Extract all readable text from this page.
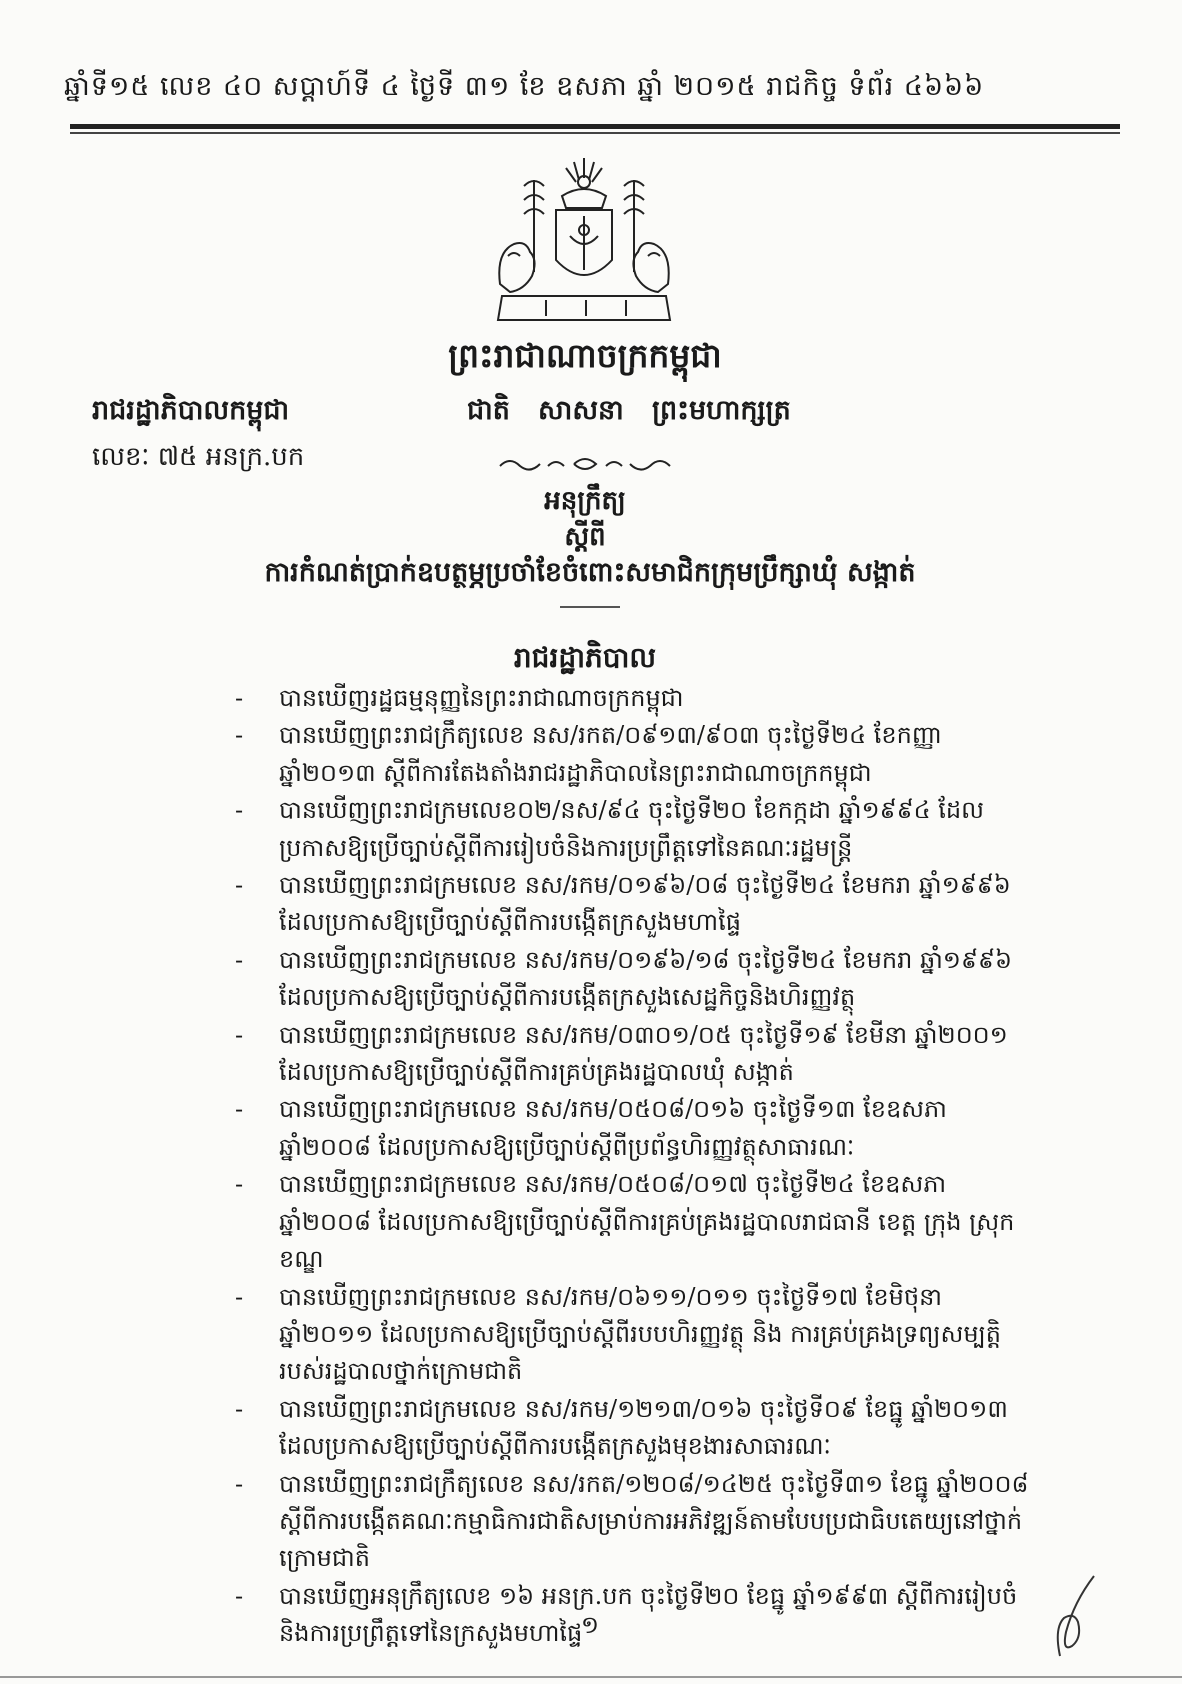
ឆ្នាំទី១៥ លេខ ៤០ សប្ដាហ៍ទី ៤ ថ្ងៃទី ៣១ ខែ ឧសភា ឆ្នាំ ២០១៥ រាជកិច្ច ទំព័រ ៤៦៦៦
ព្រះរាជាណាចក្រកម្ពុជា
រាជរដ្ឋាភិបាលកម្ពុជា	ជាតិ   សាសនា   ព្រះមហាក្សត្រ
លេខៈ ៧៥ អនក្រ.បក
អនុក្រឹត្យ
ស្ដីពី
ការកំណត់ប្រាក់ឧបត្ថម្ភប្រចាំខែចំពោះសមាជិកក្រុមប្រឹក្សាឃុំ សង្កាត់
រាជរដ្ឋាភិបាល
- បានឃើញរដ្ឋធម្មនុញ្ញនៃព្រះរាជាណាចក្រកម្ពុជា
- បានឃើញព្រះរាជក្រឹត្យលេខ នស/រកត/០៩១៣/៩០៣ ចុះថ្ងៃទី២៤ ខែកញ្ញា ឆ្នាំ២០១៣ ស្ដីពីការតែងតាំងរាជរដ្ឋាភិបាលនៃព្រះរាជាណាចក្រកម្ពុជា
- បានឃើញព្រះរាជក្រមលេខ០២/នស/៩៤ ចុះថ្ងៃទី២០ ខែកក្កដា ឆ្នាំ១៩៩៤ ដែលប្រកាសឱ្យប្រើច្បាប់ស្ដីពីការរៀបចំនិងការប្រព្រឹត្តទៅនៃគណៈរដ្ឋមន្ត្រី
- បានឃើញព្រះរាជក្រមលេខ នស/រកម/០១៩៦/០៨ ចុះថ្ងៃទី២៤ ខែមករា ឆ្នាំ១៩៩៦ ដែលប្រកាសឱ្យប្រើច្បាប់ស្ដីពីការបង្កើតក្រសួងមហាផ្ទៃ
- បានឃើញព្រះរាជក្រមលេខ នស/រកម/០១៩៦/១៨ ចុះថ្ងៃទី២៤ ខែមករា ឆ្នាំ១៩៩៦ ដែលប្រកាសឱ្យប្រើច្បាប់ស្ដីពីការបង្កើតក្រសួងសេដ្ឋកិច្ចនិងហិរញ្ញវត្ថុ
- បានឃើញព្រះរាជក្រមលេខ នស/រកម/០៣០១/០៥ ចុះថ្ងៃទី១៩ ខែមីនា ឆ្នាំ២០០១ ដែលប្រកាសឱ្យប្រើច្បាប់ស្ដីពីការគ្រប់គ្រងរដ្ឋបាលឃុំ សង្កាត់
- បានឃើញព្រះរាជក្រមលេខ នស/រកម/០៥០៨/០១៦ ចុះថ្ងៃទី១៣ ខែឧសភា ឆ្នាំ២០០៨ ដែលប្រកាសឱ្យប្រើច្បាប់ស្ដីពីប្រព័ន្ធហិរញ្ញវត្ថុសាធារណៈ
- បានឃើញព្រះរាជក្រមលេខ នស/រកម/០៥០៨/០១៧ ចុះថ្ងៃទី២៤ ខែឧសភា ឆ្នាំ២០០៨ ដែលប្រកាសឱ្យប្រើច្បាប់ស្ដីពីការគ្រប់គ្រងរដ្ឋបាលរាជធានី ខេត្ត ក្រុង ស្រុក ខណ្ឌ
- បានឃើញព្រះរាជក្រមលេខ នស/រកម/០៦១១/០១១ ចុះថ្ងៃទី១៧ ខែមិថុនា ឆ្នាំ២០១១ ដែលប្រកាសឱ្យប្រើច្បាប់ស្ដីពីរបបហិរញ្ញវត្ថុ និង ការគ្រប់គ្រងទ្រព្យសម្បត្តិរបស់រដ្ឋបាលថ្នាក់ក្រោមជាតិ
- បានឃើញព្រះរាជក្រមលេខ នស/រកម/១២១៣/០១៦ ចុះថ្ងៃទី០៩ ខែធ្នូ ឆ្នាំ២០១៣ ដែលប្រកាសឱ្យប្រើច្បាប់ស្ដីពីការបង្កើតក្រសួងមុខងារសាធារណៈ
- បានឃើញព្រះរាជក្រឹត្យលេខ នស/រកត/១២០៨/១៤២៥ ចុះថ្ងៃទី៣១ ខែធ្នូ ឆ្នាំ២០០៨ ស្ដីពីការបង្កើតគណៈកម្មាធិការជាតិសម្រាប់ការអភិវឌ្ឍន៍តាមបែបប្រជាធិបតេយ្យនៅថ្នាក់ក្រោមជាតិ
- បានឃើញអនុក្រឹត្យលេខ ១៦ អនក្រ.បក ចុះថ្ងៃទី២០ ខែធ្នូ ឆ្នាំ១៩៩៣ ស្ដីពីការរៀបចំនិងការប្រព្រឹត្តទៅនៃក្រសួងមហាផ្ទៃ
១
